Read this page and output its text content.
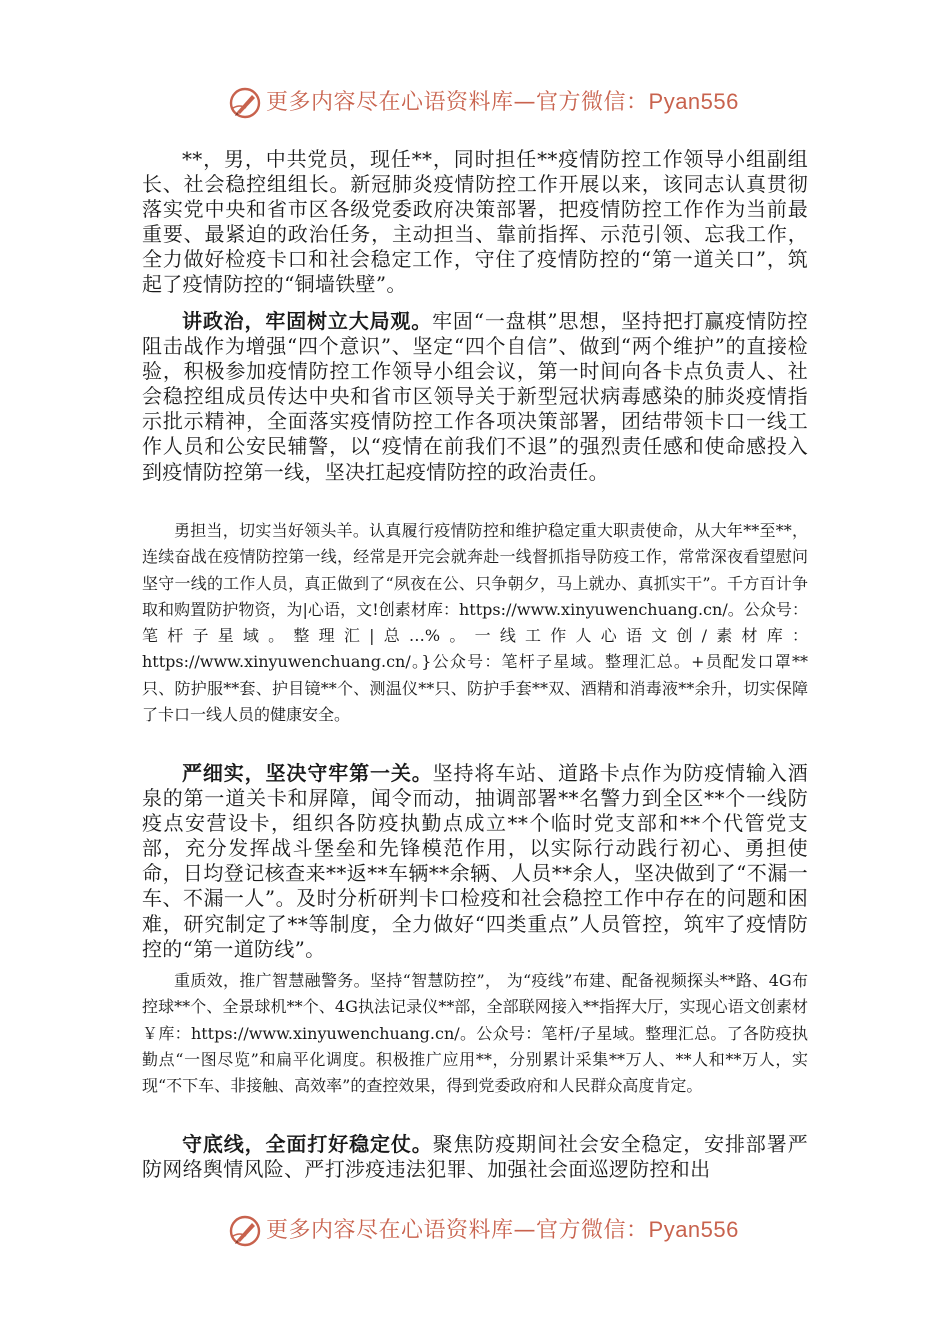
更多内容尽在心语资料库—官方微信：Pyan556

**，男，中共党员，现任**，同时担任**疫情防控工作领导小组副组长、社会稳控组组长。新冠肺炎疫情防控工作开展以来，该同志认真贯彻落实党中央和省市区各级党委政府决策部署，把疫情防控工作作为当前最重要、最紧迫的政治任务，主动担当、靠前指挥、示范引领、忘我工作，全力做好检疫卡口和社会稳定工作，守住了疫情防控的“第一道关口”，筑起了疫情防控的“铜墙铁壁”。

讲政治，牢固树立大局观。牢固“一盘棋”思想，坚持把打赢疫情防控阻击战作为增强“四个意识”、坚定“四个自信”、做到“两个维护”的直接检验，积极参加疫情防控工作领导小组会议，第一时间向各卡点负责人、社会稳控组成员传达中央和省市区领导关于新型冠状病毒感染的肺炎疫情指示批示精神，全面落实疫情防控工作各项决策部署，团结带领卡口一线工作人员和公安民辅警，以“疫情在前我们不退”的强烈责任感和使命感投入到疫情防控第一线，坚决扛起疫情防控的政治责任。

勇担当，切实当好领头羊。认真履行疫情防控和维护稳定重大职责使命，从大年**至**，连续奋战在疫情防控第一线，经常是开完会就奔赴一线督抓指导防疫工作，常常深夜看望慰问坚守一线的工作人员，真正做到了“夙夜在公、只争朝夕，马上就办、真抓实干”。千方百计争取和购置防护物资，为|心语，文!创素材库：https://www.xinyuwenchuang.cn/。公众号：笔杆子星域。整理汇|总…%。一线工作人心语文创/素材库：https://www.xinyuwenchuang.cn/。}公众号：笔杆子星域。整理汇总。+员配发口罩**只、防护服**套、护目镜**个、测温仪**只、防护手套**双、酒精和消毒液**余升，切实保障了卡口一线人员的健康安全。

严细实，坚决守牢第一关。坚持将车站、道路卡点作为防疫情输入酒泉的第一道关卡和屏障，闻令而动，抽调部署**名警力到全区**个一线防疫点安营设卡，组织各防疫执勤点成立**个临时党支部和**个代管党支部，充分发挥战斗堡垒和先锋模范作用，以实际行动践行初心、勇担使命，日均登记核查来**返**车辆**余辆、人员**余人，坚决做到了“不漏一车、不漏一人”。及时分析研判卡口检疫和社会稳控工作中存在的问题和困难，研究制定了**等制度，全力做好“四类重点”人员管控，筑牢了疫情防控的“第一道防线”。

重质效，推广智慧融警务。坚持“智慧防控”， 为“疫线”布建、配备视频探头**路、4G布控球**个、全景球机**个、4G执法记录仪**部，全部联网接入**指挥大厅，实现心语文创素材￥库：https://www.xinyuwenchuang.cn/。公众号：笔杆/子星域。整理汇总。了各防疫执勤点“一图尽览”和扁平化调度。积极推广应用**，分别累计采集**万人、**人和**万人，实现“不下车、非接触、高效率”的查控效果，得到党委政府和人民群众高度肯定。

守底线，全面打好稳定仗。聚焦防疫期间社会安全稳定，安排部署严防网络舆情风险、严打涉疫违法犯罪、加强社会面巡逻防控和出

更多内容尽在心语资料库—官方微信：Pyan556
